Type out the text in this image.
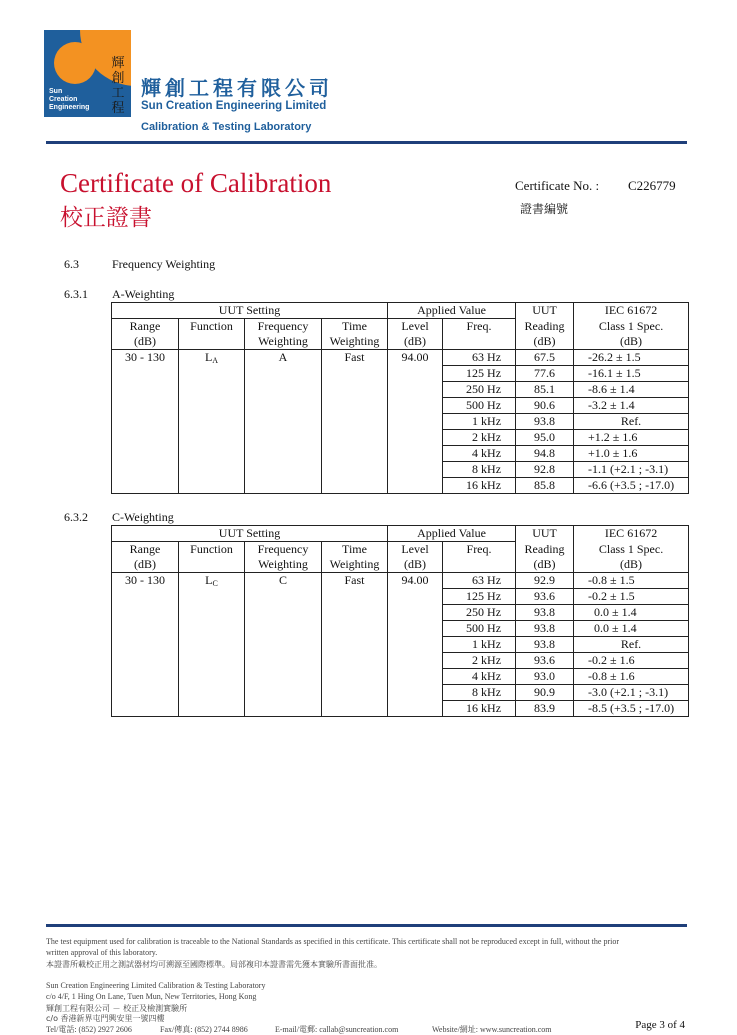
Sun
Creation
Engineering
輝
創
工
程
輝創工程有限公司
Sun Creation Engineering Limited
Calibration & Testing Laboratory
Certificate of Calibration
校正證書
Certificate No. : C226779
證書編號
6.3	Frequency Weighting
6.3.1 A-Weighting
UUT Setting				Applied Value		UUT	IEC 61672
Range	Function	Frequency	Time	Level	Freq.	Reading	Class 1 Spec.
(dB)		Weighting	Weighting	(dB)		(dB)	(dB)
30 - 130	$L_A$	A	Fast	94.00	63 Hz	67.5	-26.2 ± 1.5
					125 Hz	77.6	-16.1 ± 1.5
					250 Hz	85.1	-8.6 ± 1.4
					500 Hz	90.6	-3.2 ± 1.4
					1 kHz	93.8	Ref.
					2 kHz	95.0	+1.2 ± 1.6
					4 kHz	94.8	+1.0 ± 1.6
					8 kHz	92.8	-1.1 (+2.1 ; -3.1)
					16 kHz	85.8	-6.6 (+3.5 ; -17.0)
6.3.2 C-Weighting
UUT Setting				Applied Value		UUT	IEC 61672
Range	Function	Frequency	Time	Level	Freq.	Reading	Class 1 Spec.
(dB)		Weighting	Weighting	(dB)		(dB)	(dB)
30 - 130	$L_C$	C	Fast	94.00	63 Hz	92.9	-0.8 ± 1.5
					125 Hz	93.6	-0.2 ± 1.5
					250 Hz	93.8	0.0 ± 1.4
					500 Hz	93.8	0.0 ± 1.4
					1 kHz	93.8	Ref.
					2 kHz	93.6	-0.2 ± 1.6
					4 kHz	93.0	-0.8 ± 1.6
					8 kHz	90.9	-3.0 (+2.1 ; -3.1)
					16 kHz	83.9	-8.5 (+3.5 ; -17.0)
The test equipment used for calibration is traceable to the National Standards as specified in this certificate. This certificate shall not be reproduced except in full, without the prior
written approval of this laboratory.
本證書所載校正用之測試器材均可溯源至國際標準。局部複印本證書需先獲本實驗所書面批准。
Sun Creation Engineering Limited Calibration & Testing Laboratory
c/o 4/F, 1 Hing On Lane, Tuen Mun, New Territories, Hong Kong
輝創工程有限公司 － 校正及檢測實驗所
c/o 香港新界屯門興安里一號四樓
Tel/電話: (852) 2927 2606	Fax/傳真: (852) 2744 8986	E-mail/電郵: callab@suncreation.com	Website/網址: www.suncreation.com	Page 3 of 4
